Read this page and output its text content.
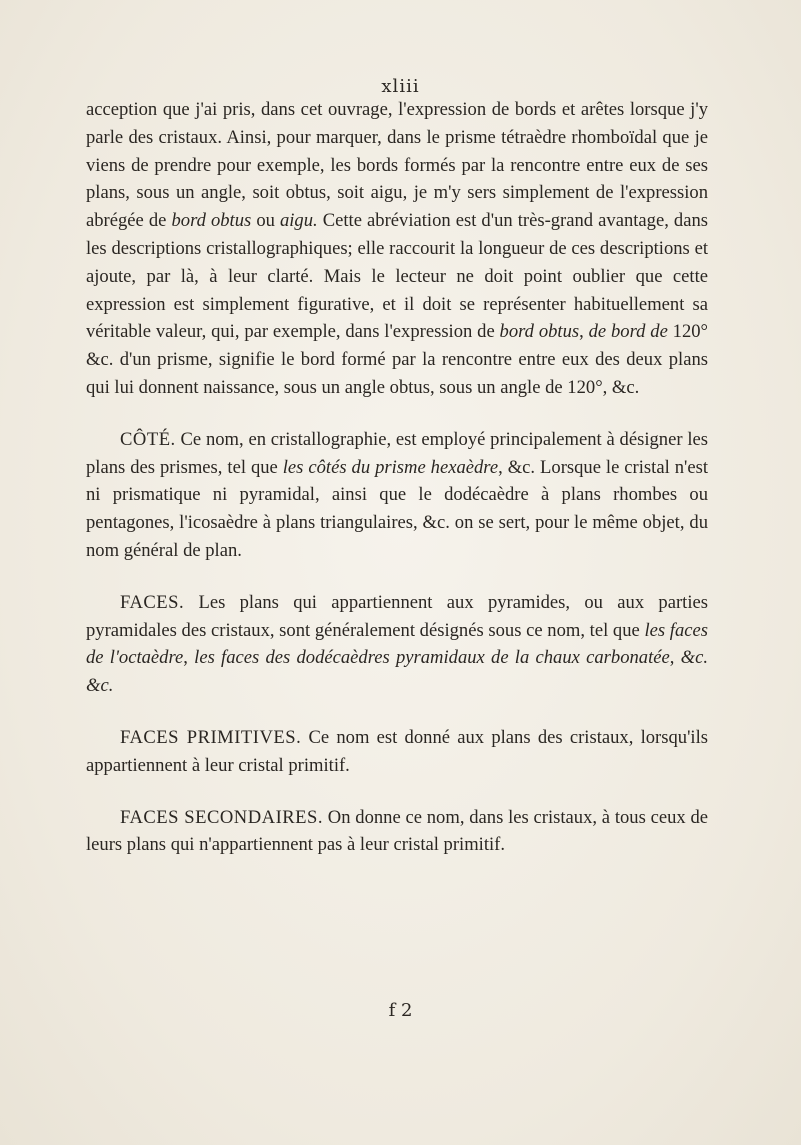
xliii

acception que j'ai pris, dans cet ouvrage, l'expression de bords et arêtes lorsque j'y parle des cristaux. Ainsi, pour marquer, dans le prisme tétraèdre rhomboïdal que je viens de prendre pour exemple, les bords formés par la rencontre entre eux de ses plans, sous un angle, soit obtus, soit aigu, je m'y sers simplement de l'expression abrégée de bord obtus ou aigu. Cette abréviation est d'un très-grand avantage, dans les descriptions cristallographiques; elle raccourit la longueur de ces descriptions et ajoute, par là, à leur clarté. Mais le lecteur ne doit point oublier que cette expression est simplement figurative, et il doit se représenter habituellement sa véritable valeur, qui, par exemple, dans l'expression de bord obtus, de bord de 120° &c. d'un prisme, signifie le bord formé par la rencontre entre eux des deux plans qui lui donnent naissance, sous un angle obtus, sous un angle de 120°, &c.

CÔTÉ. Ce nom, en cristallographie, est employé principalement à désigner les plans des prismes, tel que les côtés du prisme hexaèdre, &c. Lorsque le cristal n'est ni prismatique ni pyramidal, ainsi que le dodécaèdre à plans rhombes ou pentagones, l'icosaèdre à plans triangulaires, &c. on se sert, pour le même objet, du nom général de plan.

FACES. Les plans qui appartiennent aux pyramides, ou aux parties pyramidales des cristaux, sont généralement désignés sous ce nom, tel que les faces de l'octaèdre, les faces des dodécaèdres pyramidaux de la chaux carbonatée, &c. &c.

FACES PRIMITIVES. Ce nom est donné aux plans des cristaux, lorsqu'ils appartiennent à leur cristal primitif.

FACES SECONDAIRES. On donne ce nom, dans les cristaux, à tous ceux de leurs plans qui n'appartiennent pas à leur cristal primitif.

f 2
